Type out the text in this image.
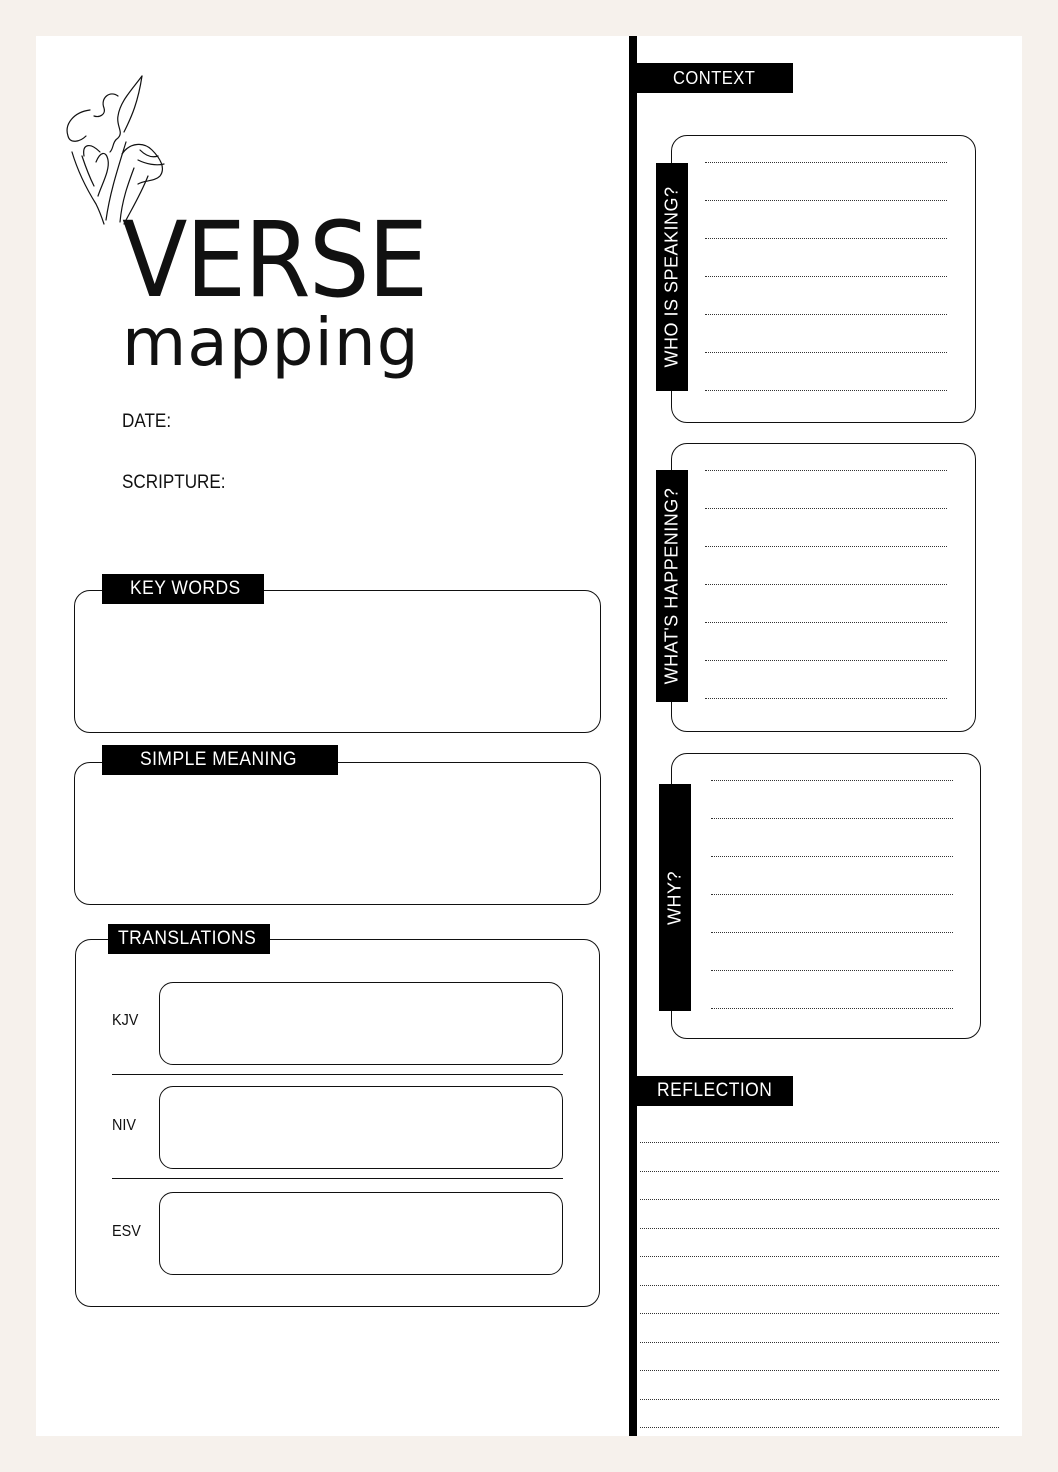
VERSE
mapping
DATE:
SCRIPTURE:
KEY WORDS
SIMPLE MEANING
TRANSLATIONS
KJV
NIV
ESV
CONTEXT
WHO IS SPEAKING?
WHAT'S HAPPENING?
WHY?
REFLECTION
